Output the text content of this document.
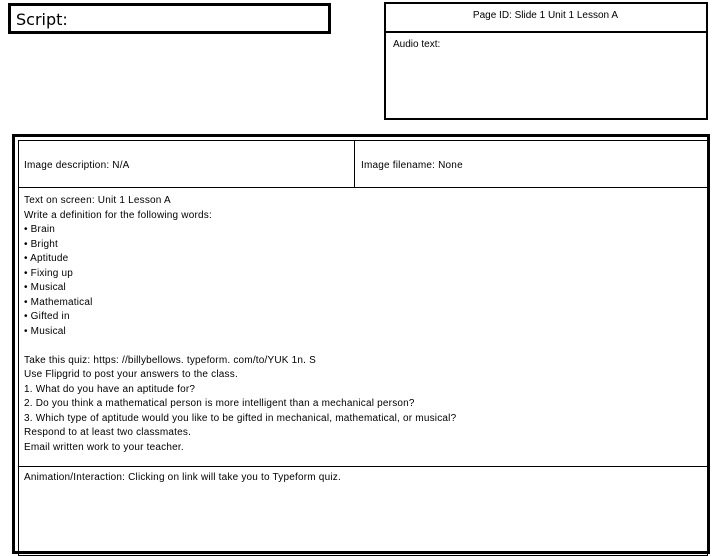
Script:	Page ID: Slide 1 Unit 1 Lesson A
Audio text:
Image description: N/A	Image filename: None
Text on screen: Unit 1 Lesson A
Write a definition for the following words:
• Brain
• Bright
• Aptitude
• Fixing up
• Musical
• Mathematical
• Gifted in
• Musical
Take this quiz: https: //billybellows. typeform. com/to/YUK 1n. S
Use Flipgrid to post your answers to the class.
1. What do you have an aptitude for?
2. Do you think a mathematical person is more intelligent than a mechanical person?
3. Which type of aptitude would you like to be gifted in mechanical, mathematical, or musical?
Respond to at least two classmates.
Email written work to your teacher.
Animation/Interaction: Clicking on link will take you to Typeform quiz.
